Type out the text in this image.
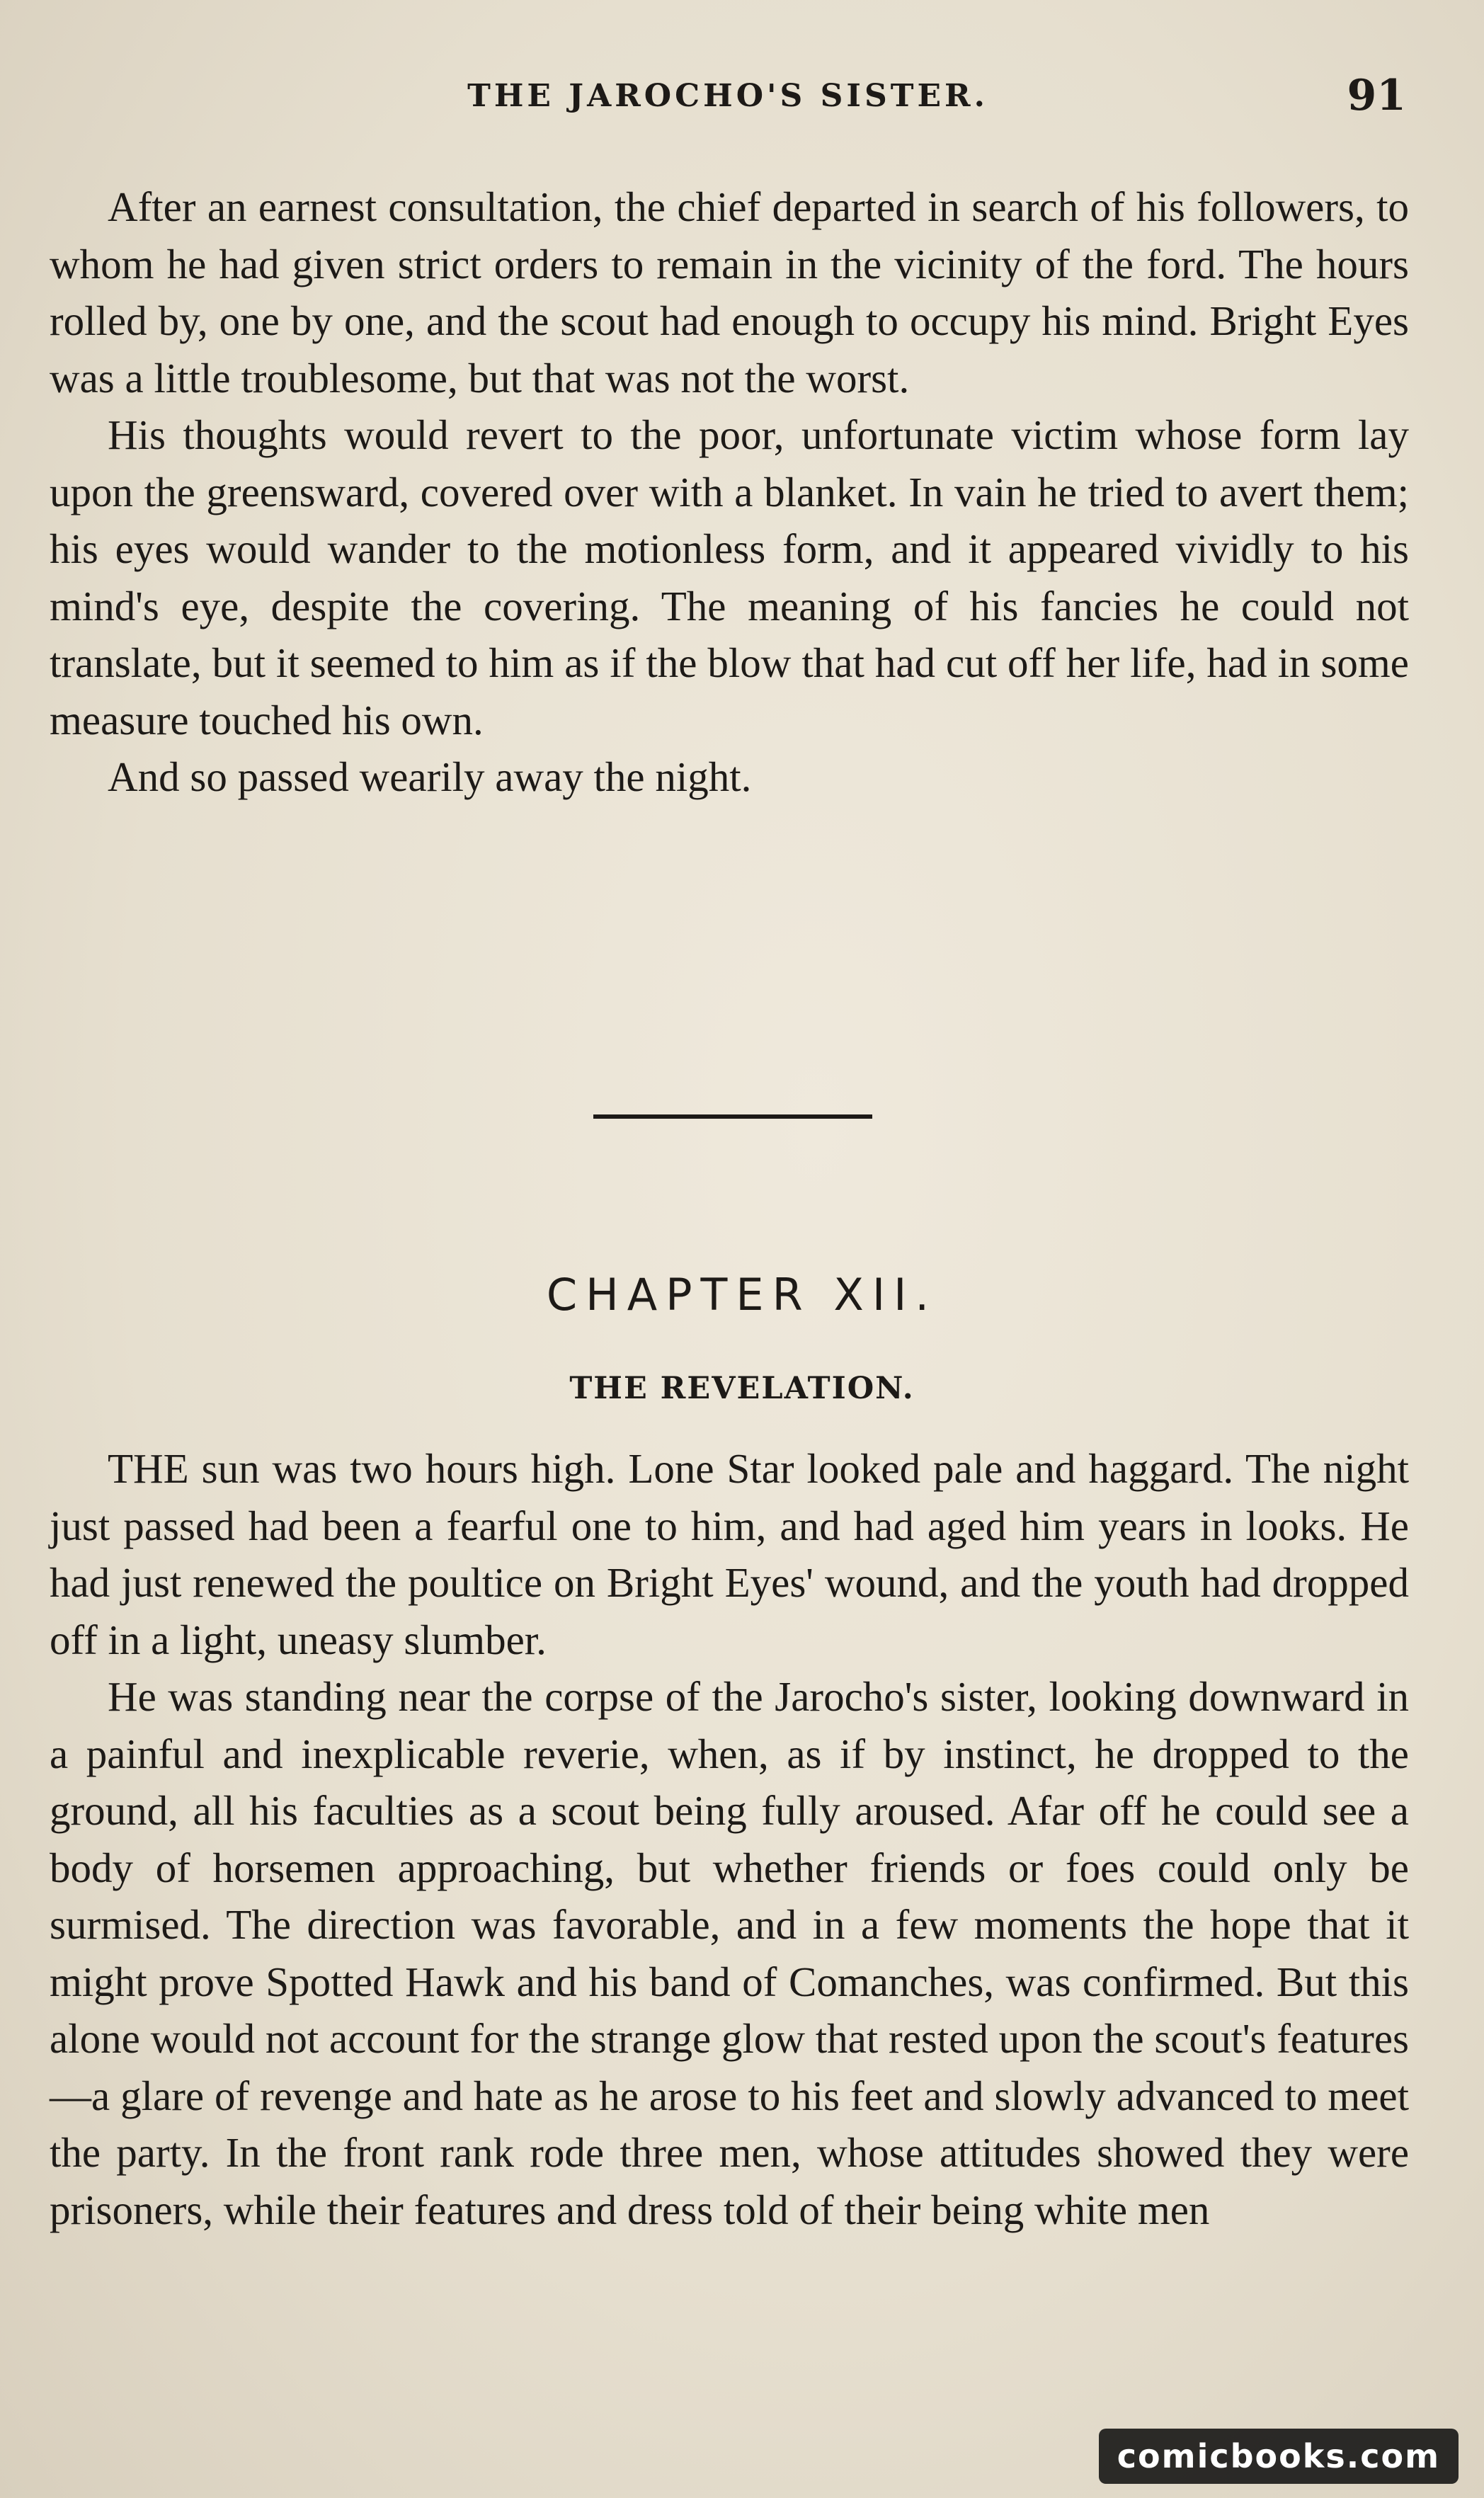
THE JAROCHO'S SISTER.	91

After an earnest consultation, the chief departed in search of his followers, to whom he had given strict orders to remain in the vicinity of the ford. The hours rolled by, one by one, and the scout had enough to occupy his mind. Bright Eyes was a little troublesome, but that was not the worst.

His thoughts would revert to the poor, unfortunate victim whose form lay upon the greensward, covered over with a blanket. In vain he tried to avert them; his eyes would wander to the motionless form, and it appeared vividly to his mind's eye, despite the covering. The meaning of his fancies he could not translate, but it seemed to him as if the blow that had cut off her life, had in some measure touched his own.

And so passed wearily away the night.

CHAPTER XII.
THE REVELATION.

THE sun was two hours high. Lone Star looked pale and haggard. The night just passed had been a fearful one to him, and had aged him years in looks. He had just renewed the poultice on Bright Eyes' wound, and the youth had dropped off in a light, uneasy slumber.

He was standing near the corpse of the Jarocho's sister, looking downward in a painful and inexplicable reverie, when, as if by instinct, he dropped to the ground, all his faculties as a scout being fully aroused. Afar off he could see a body of horsemen approaching, but whether friends or foes could only be surmised. The direction was favorable, and in a few moments the hope that it might prove Spotted Hawk and his band of Comanches, was confirmed. But this alone would not account for the strange glow that rested upon the scout's features—a glare of revenge and hate as he arose to his feet and slowly advanced to meet the party. In the front rank rode three men, whose attitudes showed they were prisoners, while their features and dress told of their being white men

comicbooks.com
